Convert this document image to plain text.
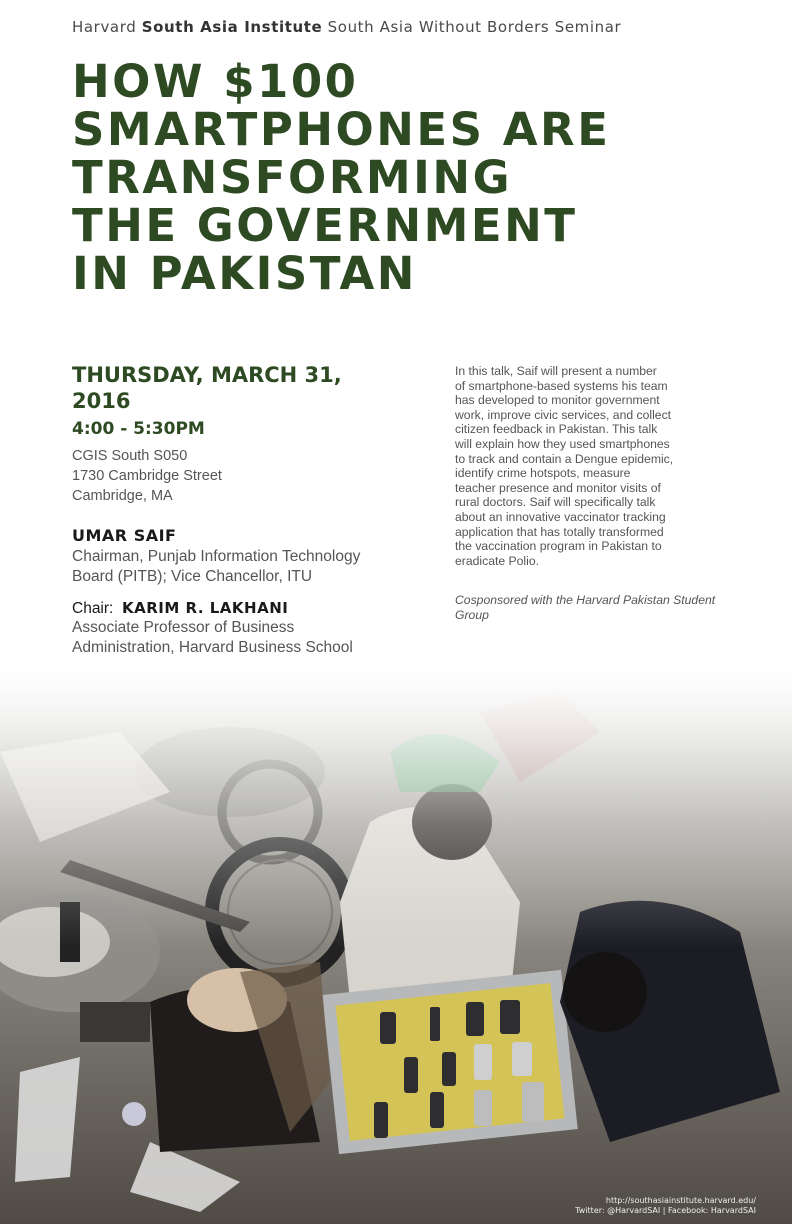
Harvard South Asia Institute South Asia Without Borders Seminar
HOW $100
SMARTPHONES ARE
TRANSFORMING
THE GOVERNMENT
IN PAKISTAN
THURSDAY, MARCH 31, 2016
4:00 - 5:30PM
CGIS South S050
1730 Cambridge Street
Cambridge, MA
UMAR SAIF
Chairman, Punjab Information Technology Board (PITB); Vice Chancellor, ITU
Chair: KARIM R. LAKHANI
Associate Professor of Business Administration, Harvard Business School
In this talk, Saif will present a number
of smartphone-based systems his team
has developed to monitor government
work, improve civic services, and collect
citizen feedback in Pakistan. This talk
will explain how they used smartphones
to track and contain a Dengue epidemic,
identify crime hotspots, measure
teacher presence and monitor visits of
rural doctors. Saif will specifically talk
about an innovative vaccinator tracking
application that has totally transformed
the vaccination program in Pakistan to
eradicate Polio.
Cosponsored with the Harvard Pakistan Student
Group
http://southasiainstitute.harvard.edu/
Twitter: @HarvardSAI | Facebook: HarvardSAI
